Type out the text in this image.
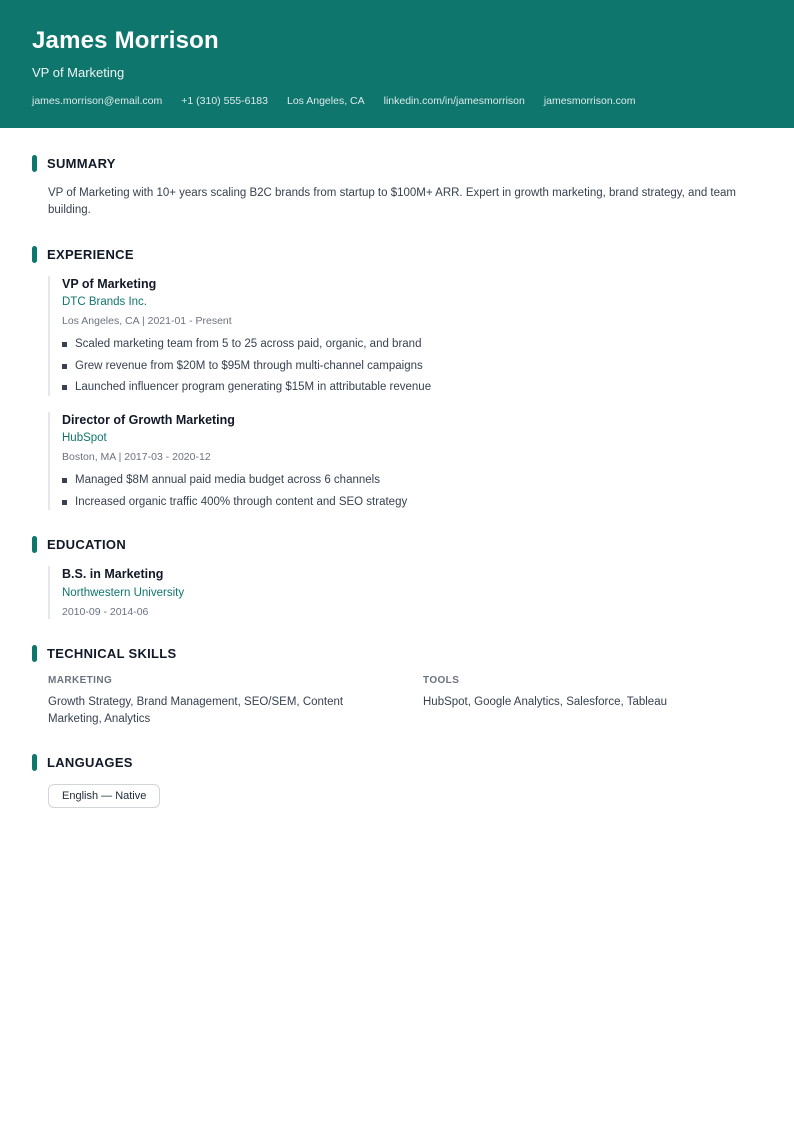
James Morrison
VP of Marketing
james.morrison@email.com +1 (310) 555-6183 Los Angeles, CA linkedin.com/in/jamesmorrison jamesmorrison.com
SUMMARY
VP of Marketing with 10+ years scaling B2C brands from startup to $100M+ ARR. Expert in growth marketing, brand strategy, and team building.
EXPERIENCE
VP of Marketing
DTC Brands Inc.
Los Angeles, CA | 2021-01 - Present
Scaled marketing team from 5 to 25 across paid, organic, and brand
Grew revenue from $20M to $95M through multi-channel campaigns
Launched influencer program generating $15M in attributable revenue
Director of Growth Marketing
HubSpot
Boston, MA | 2017-03 - 2020-12
Managed $8M annual paid media budget across 6 channels
Increased organic traffic 400% through content and SEO strategy
EDUCATION
B.S. in Marketing
Northwestern University
2010-09 - 2014-06
TECHNICAL SKILLS
MARKETING
Growth Strategy, Brand Management, SEO/SEM, Content Marketing, Analytics
TOOLS
HubSpot, Google Analytics, Salesforce, Tableau
LANGUAGES
English — Native
